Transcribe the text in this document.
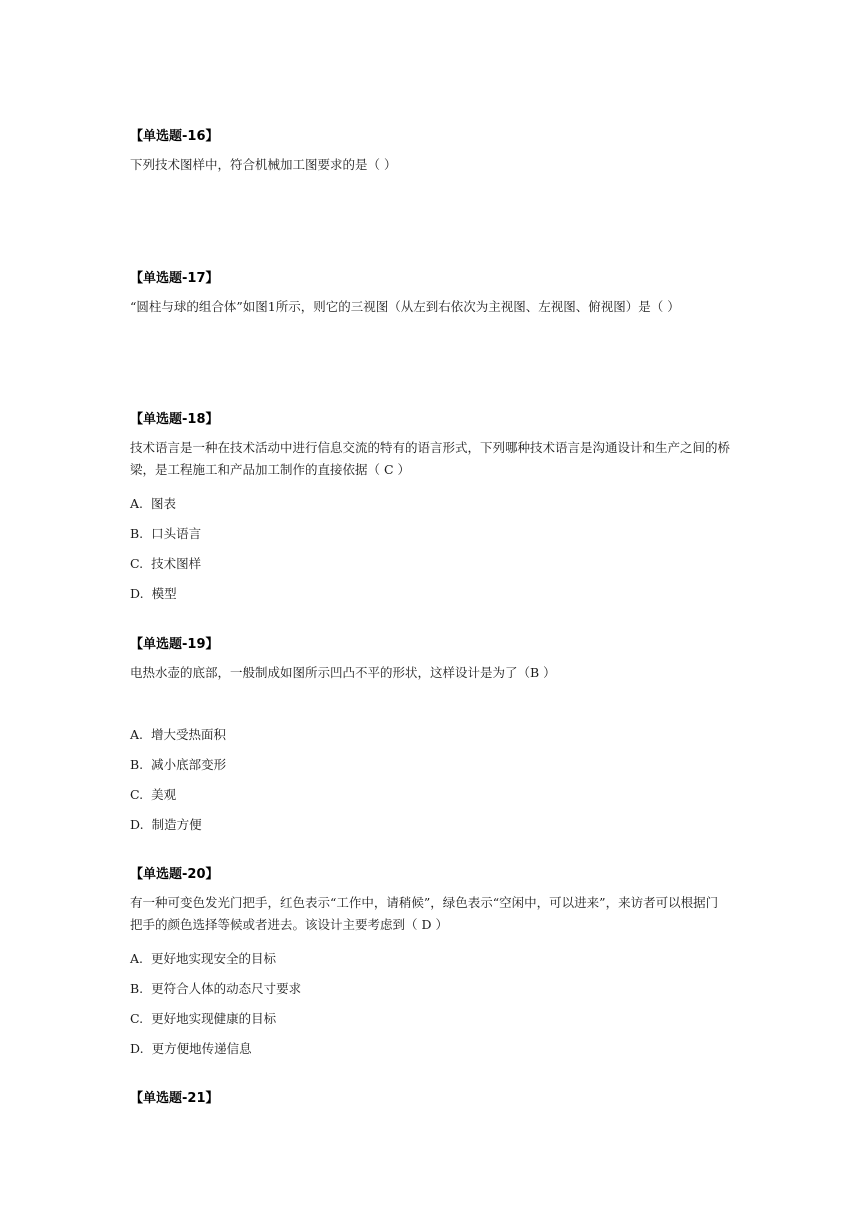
【单选题-16】

下列技术图样中，符合机械加工图要求的是（ ）

【单选题-17】

“圆柱与球的组合体”如图1所示，则它的三视图（从左到右依次为主视图、左视图、俯视图）是（ ）

【单选题-18】

技术语言是一种在技术活动中进行信息交流的特有的语言形式，下列哪种技术语言是沟通设计和生产之间的桥梁，是工程施工和产品加工制作的直接依据（ C ）

A. 图表

B. 口头语言

C. 技术图样

D. 模型

【单选题-19】

电热水壶的底部，一般制成如图所示凹凸不平的形状，这样设计是为了（B ）

A. 增大受热面积

B. 减小底部变形

C. 美观

D. 制造方便

【单选题-20】

有一种可变色发光门把手，红色表示“工作中，请稍候”，绿色表示“空闲中，可以进来”，来访者可以根据门把手的颜色选择等候或者进去。该设计主要考虑到（ D ）

A. 更好地实现安全的目标

B. 更符合人体的动态尺寸要求

C. 更好地实现健康的目标

D. 更方便地传递信息

【单选题-21】
